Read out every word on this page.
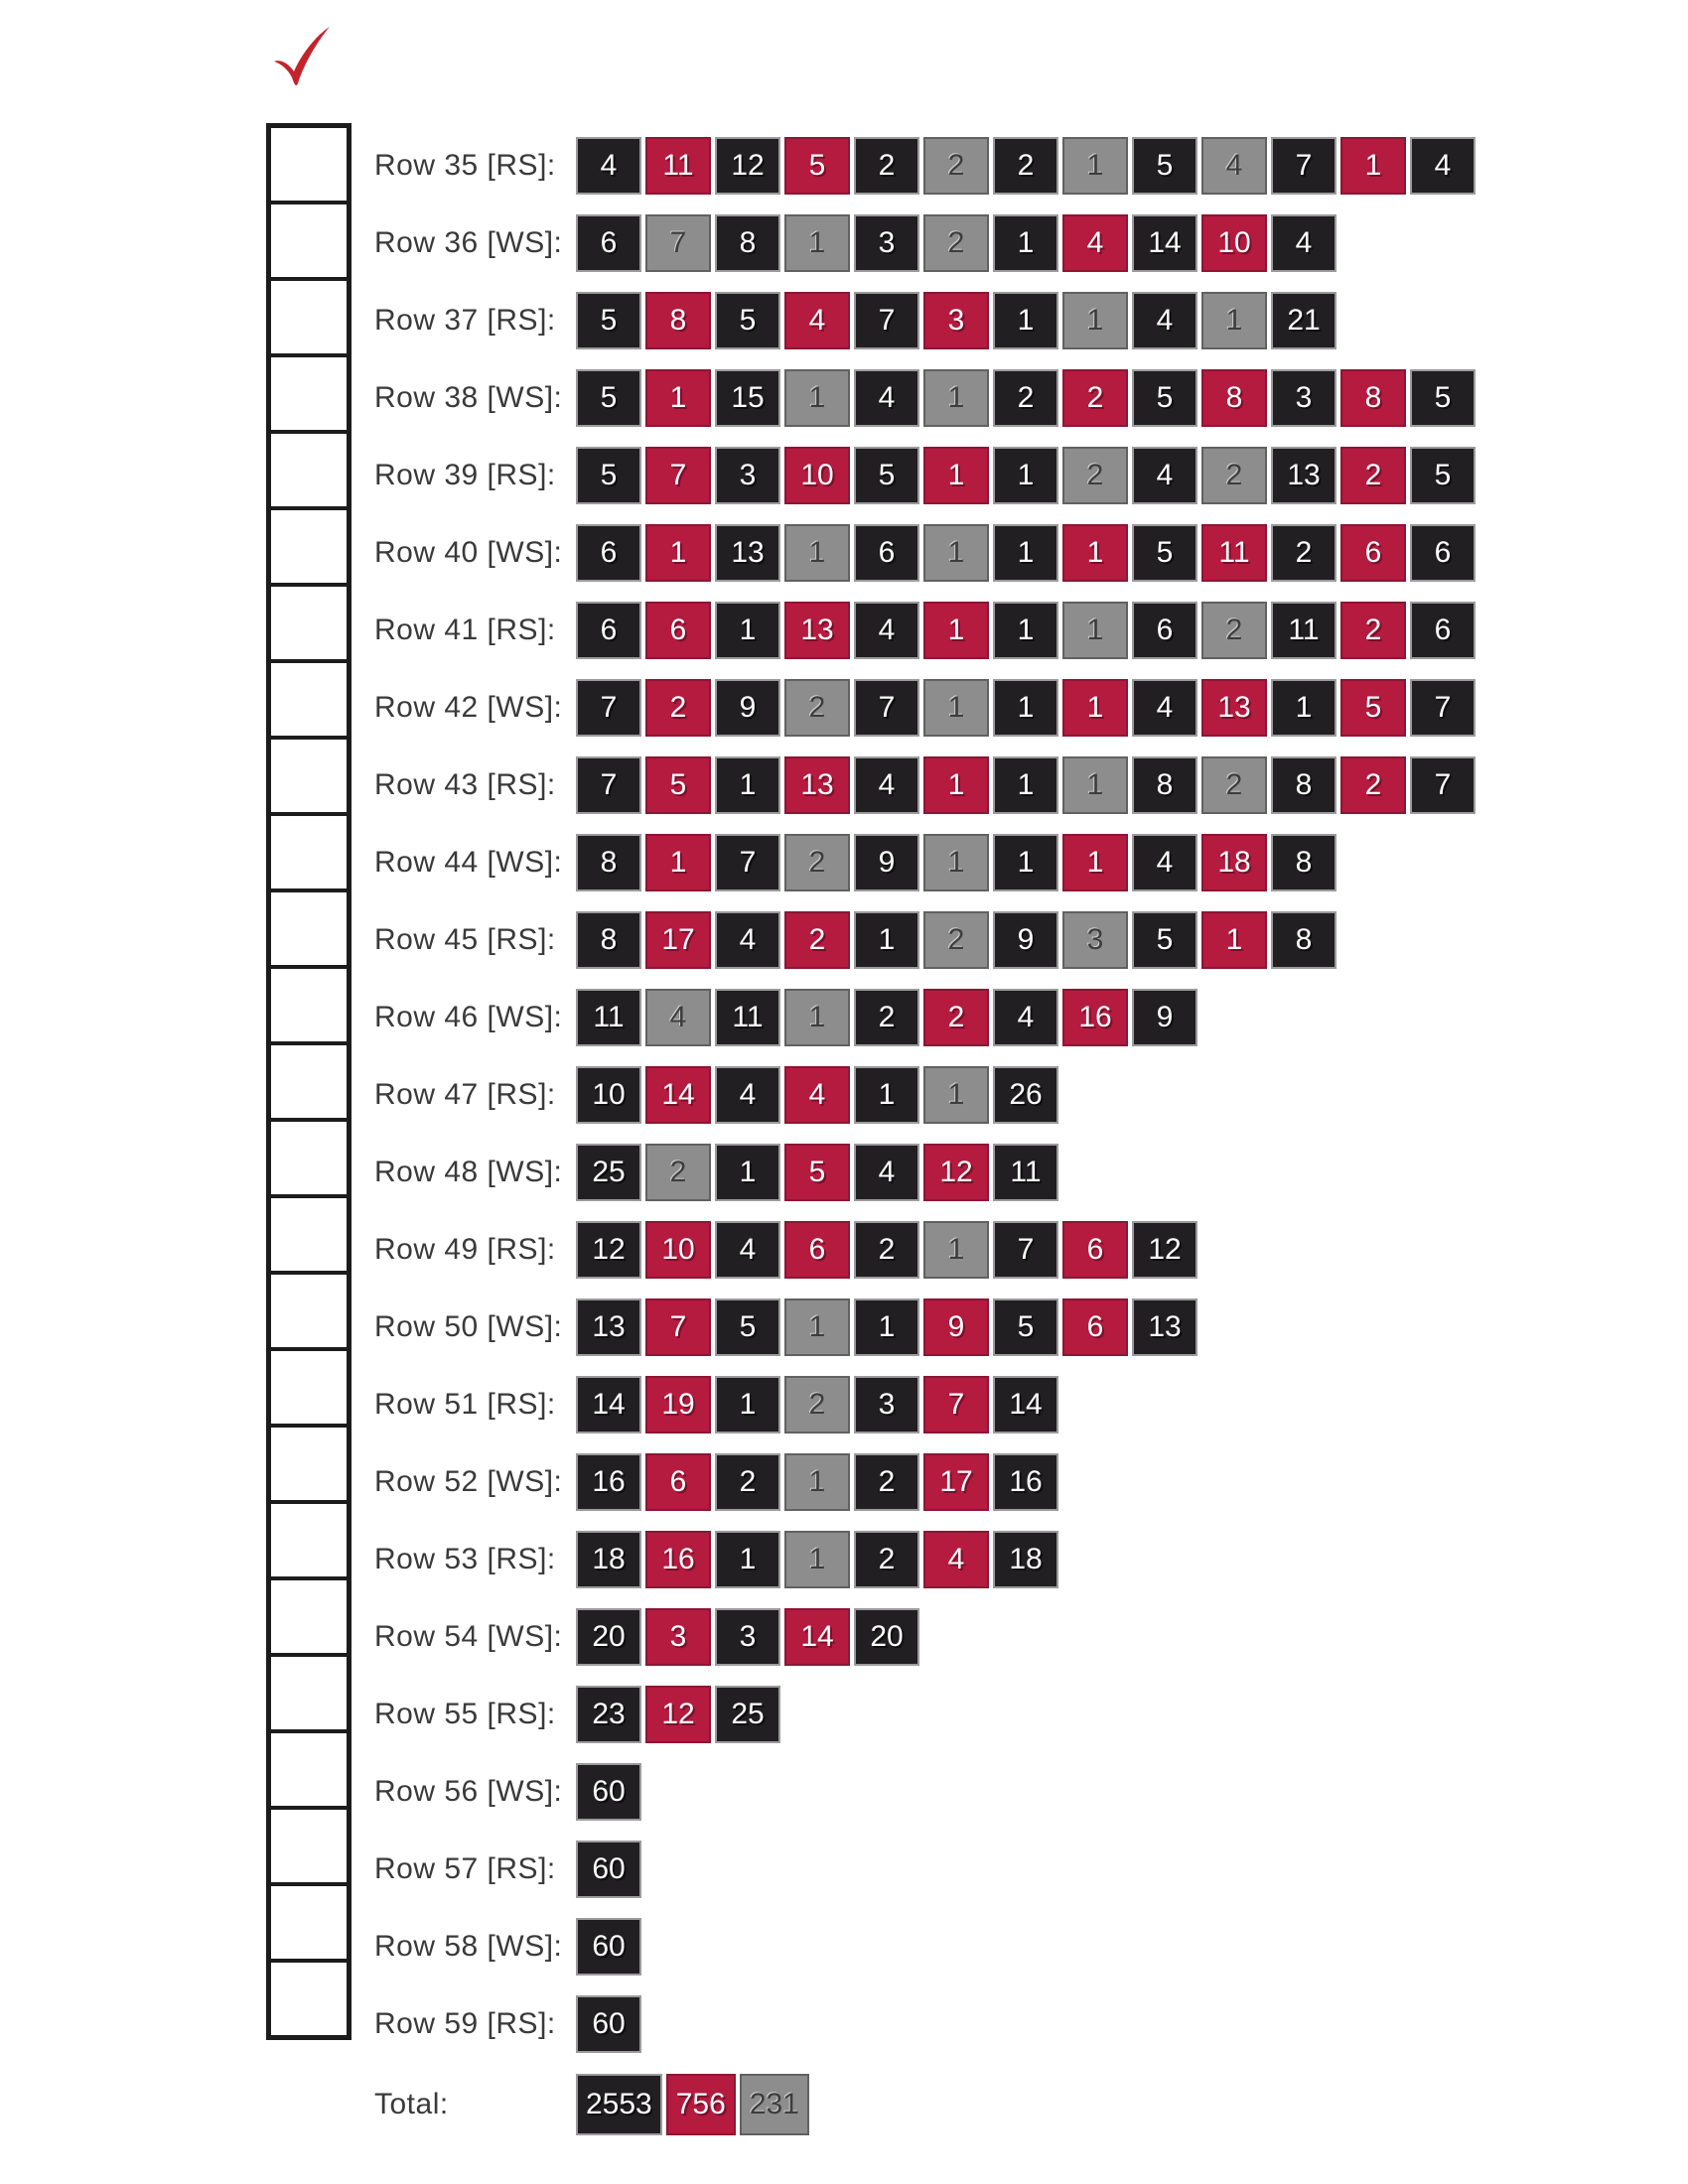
Row 35 [RS]:	4	11	12	5	2	2	2	1	5	4	7	1	4
Row 36 [WS]:	6	7	8	1	3	2	1	4	14	10	4
Row 37 [RS]:	5	8	5	4	7	3	1	1	4	1	21
Row 38 [WS]:	5	1	15	1	4	1	2	2	5	8	3	8	5
Row 39 [RS]:	5	7	3	10	5	1	1	2	4	2	13	2	5
Row 40 [WS]:	6	1	13	1	6	1	1	1	5	11	2	6	6
Row 41 [RS]:	6	6	1	13	4	1	1	1	6	2	11	2	6
Row 42 [WS]:	7	2	9	2	7	1	1	1	4	13	1	5	7
Row 43 [RS]:	7	5	1	13	4	1	1	1	8	2	8	2	7
Row 44 [WS]:	8	1	7	2	9	1	1	1	4	18	8
Row 45 [RS]:	8	17	4	2	1	2	9	3	5	1	8
Row 46 [WS]:	11	4	11	1	2	2	4	16	9
Row 47 [RS]:	10	14	4	4	1	1	26
Row 48 [WS]: 25	2	1	5	4	12	11
Row 49 [RS]:	12	10	4	6	2	1	7	6	12
Row 50 [WS]: 13	7	5	1	1	9	5	6	13
Row 51 [RS]:	14	19	1	2	3	7	14
Row 52 [WS]: 16	6	2	1	2	17	16
Row 53 [RS]:	18	16	1	1	2	4	18
Row 54 [WS]: 20	3	3	14	20
Row 55 [RS]:	23	12	25
Row 56 [WS]: 60
Row 57 [RS]:	60
Row 58 [WS]: 60
Row 59 [RS]:	60
Total:	2553 756 231
